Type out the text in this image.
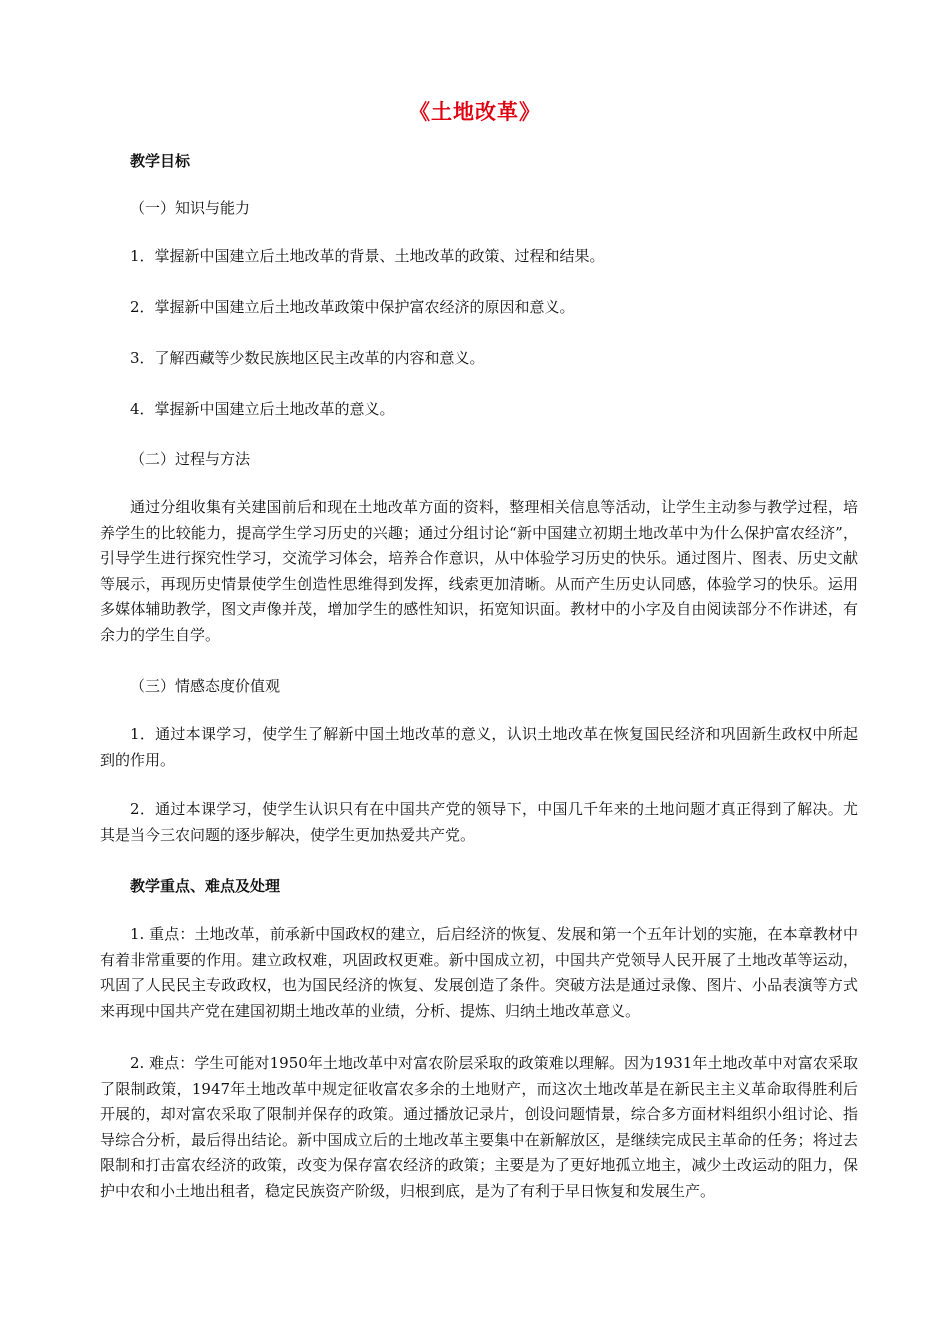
《土地改革》
教学目标
（一）知识与能力
1．掌握新中国建立后土地改革的背景、土地改革的政策、过程和结果。
2．掌握新中国建立后土地改革政策中保护富农经济的原因和意义。
3．了解西藏等少数民族地区民主改革的内容和意义。
4．掌握新中国建立后土地改革的意义。
（二）过程与方法
通过分组收集有关建国前后和现在土地改革方面的资料，整理相关信息等活动，让学生主动参与教学过程，培养学生的比较能力，提高学生学习历史的兴趣；通过分组讨论“新中国建立初期土地改革中为什么保护富农经济”，引导学生进行探究性学习，交流学习体会，培养合作意识，从中体验学习历史的快乐。通过图片、图表、历史文献等展示，再现历史情景使学生创造性思维得到发挥，线索更加清晰。从而产生历史认同感，体验学习的快乐。运用多媒体辅助教学，图文声像并茂，增加学生的感性知识，拓宽知识面。教材中的小字及自由阅读部分不作讲述，有余力的学生自学。
（三）情感态度价值观
1．通过本课学习，使学生了解新中国土地改革的意义，认识土地改革在恢复国民经济和巩固新生政权中所起到的作用。
2．通过本课学习，使学生认识只有在中国共产党的领导下，中国几千年来的土地问题才真正得到了解决。尤其是当今三农问题的逐步解决，使学生更加热爱共产党。
教学重点、难点及处理
1. 重点：土地改革，前承新中国政权的建立，后启经济的恢复、发展和第一个五年计划的实施，在本章教材中有着非常重要的作用。建立政权难，巩固政权更难。新中国成立初，中国共产党领导人民开展了土地改革等运动，巩固了人民民主专政政权，也为国民经济的恢复、发展创造了条件。突破方法是通过录像、图片、小品表演等方式来再现中国共产党在建国初期土地改革的业绩，分析、提炼、归纳土地改革意义。
2. 难点：学生可能对1950年土地改革中对富农阶层采取的政策难以理解。因为1931年土地改革中对富农采取了限制政策，1947年土地改革中规定征收富农多余的土地财产，而这次土地改革是在新民主主义革命取得胜利后开展的，却对富农采取了限制并保存的政策。通过播放记录片，创设问题情景，综合多方面材料组织小组讨论、指导综合分析，最后得出结论。新中国成立后的土地改革主要集中在新解放区，是继续完成民主革命的任务；将过去限制和打击富农经济的政策，改变为保存富农经济的政策；主要是为了更好地孤立地主，减少土改运动的阻力，保护中农和小土地出租者，稳定民族资产阶级，归根到底，是为了有利于早日恢复和发展生产。
